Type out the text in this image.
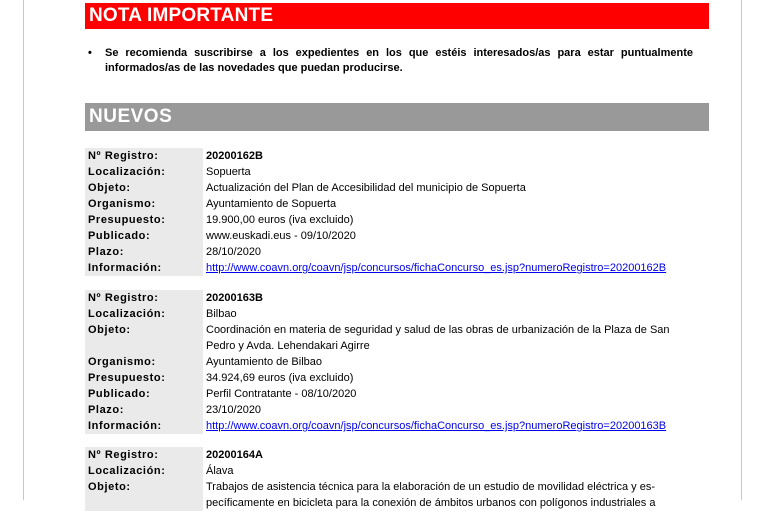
NOTA IMPORTANTE
• Se recomienda suscribirse a los expedientes en los que estéis interesados/as para estar puntualmente informados/as de las novedades que puedan producirse.
NUEVOS
Nº Registro:	20200162B
Localización:	Sopuerta
Objeto:	Actualización del Plan de Accesibilidad del municipio de Sopuerta
Organismo:	Ayuntamiento de Sopuerta
Presupuesto:	19.900,00 euros (iva excluido)
Publicado:	www.euskadi.eus - 09/10/2020
Plazo:	28/10/2020
Información:	http://www.coavn.org/coavn/jsp/concursos/fichaConcurso_es.jsp?numeroRegistro=20200162B
Nº Registro:	20200163B
Localización:	Bilbao
Objeto:	Coordinación en materia de seguridad y salud de las obras de urbanización de la Plaza de San Pedro y Avda. Lehendakari Agirre
Organismo:	Ayuntamiento de Bilbao
Presupuesto:	34.924,69 euros (iva excluido)
Publicado:	Perfil Contratante - 08/10/2020
Plazo:	23/10/2020
Información:	http://www.coavn.org/coavn/jsp/concursos/fichaConcurso_es.jsp?numeroRegistro=20200163B
Nº Registro:	20200164A
Localización:	Álava
Objeto:	Trabajos de asistencia técnica para la elaboración de un estudio de movilidad eléctrica y es-pecíficamente en bicicleta para la conexión de ámbitos urbanos con polígonos industriales a
